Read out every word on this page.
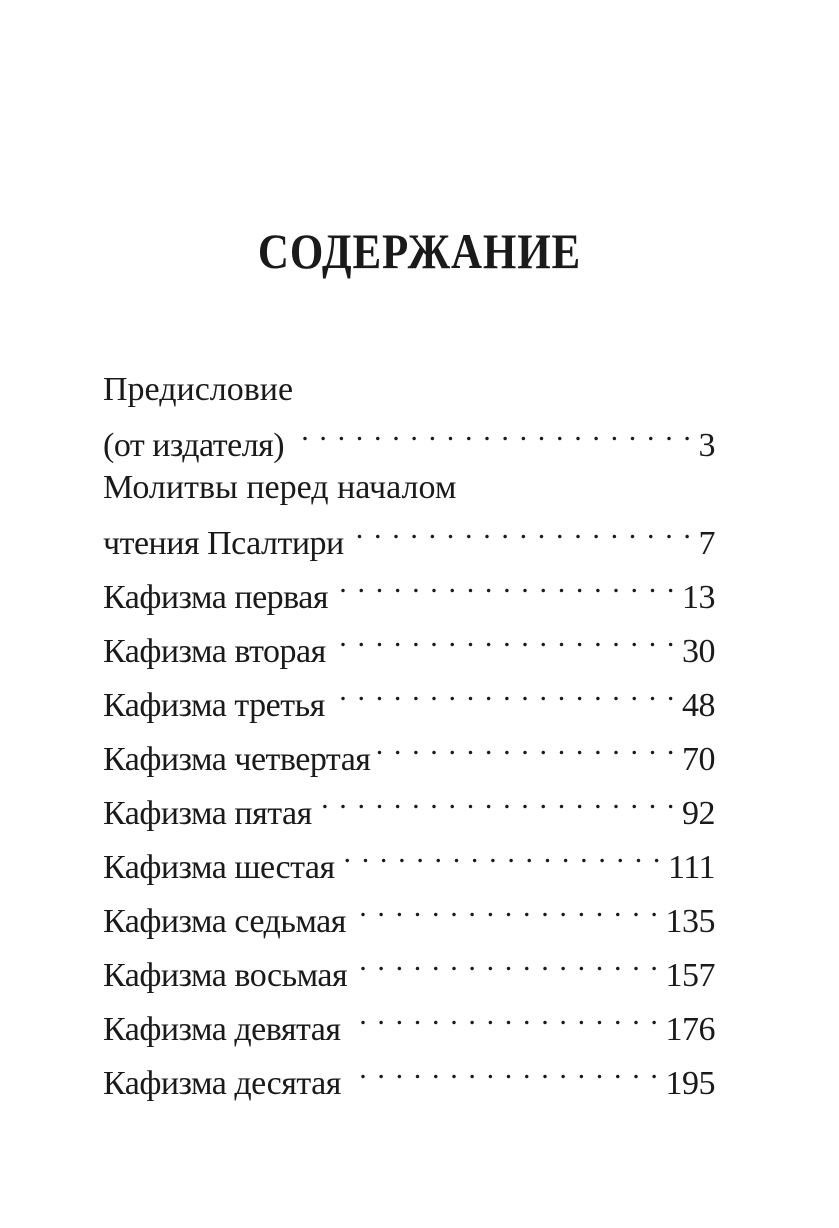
СОДЕРЖАНИЕ
Предисловие
(от издателя) . . .	3
Молитвы перед началом
чтения Псалтири . . .	7
Кафизма первая . . .	13
Кафизма вторая . . .	30
Кафизма третья . . .	48
Кафизма четвертая . . .	70
Кафизма пятая . . .	92
Кафизма шестая . . .	111
Кафизма седьмая . . .	135
Кафизма восьмая . . .	157
Кафизма девятая . . .	176
Кафизма десятая . . .	195
